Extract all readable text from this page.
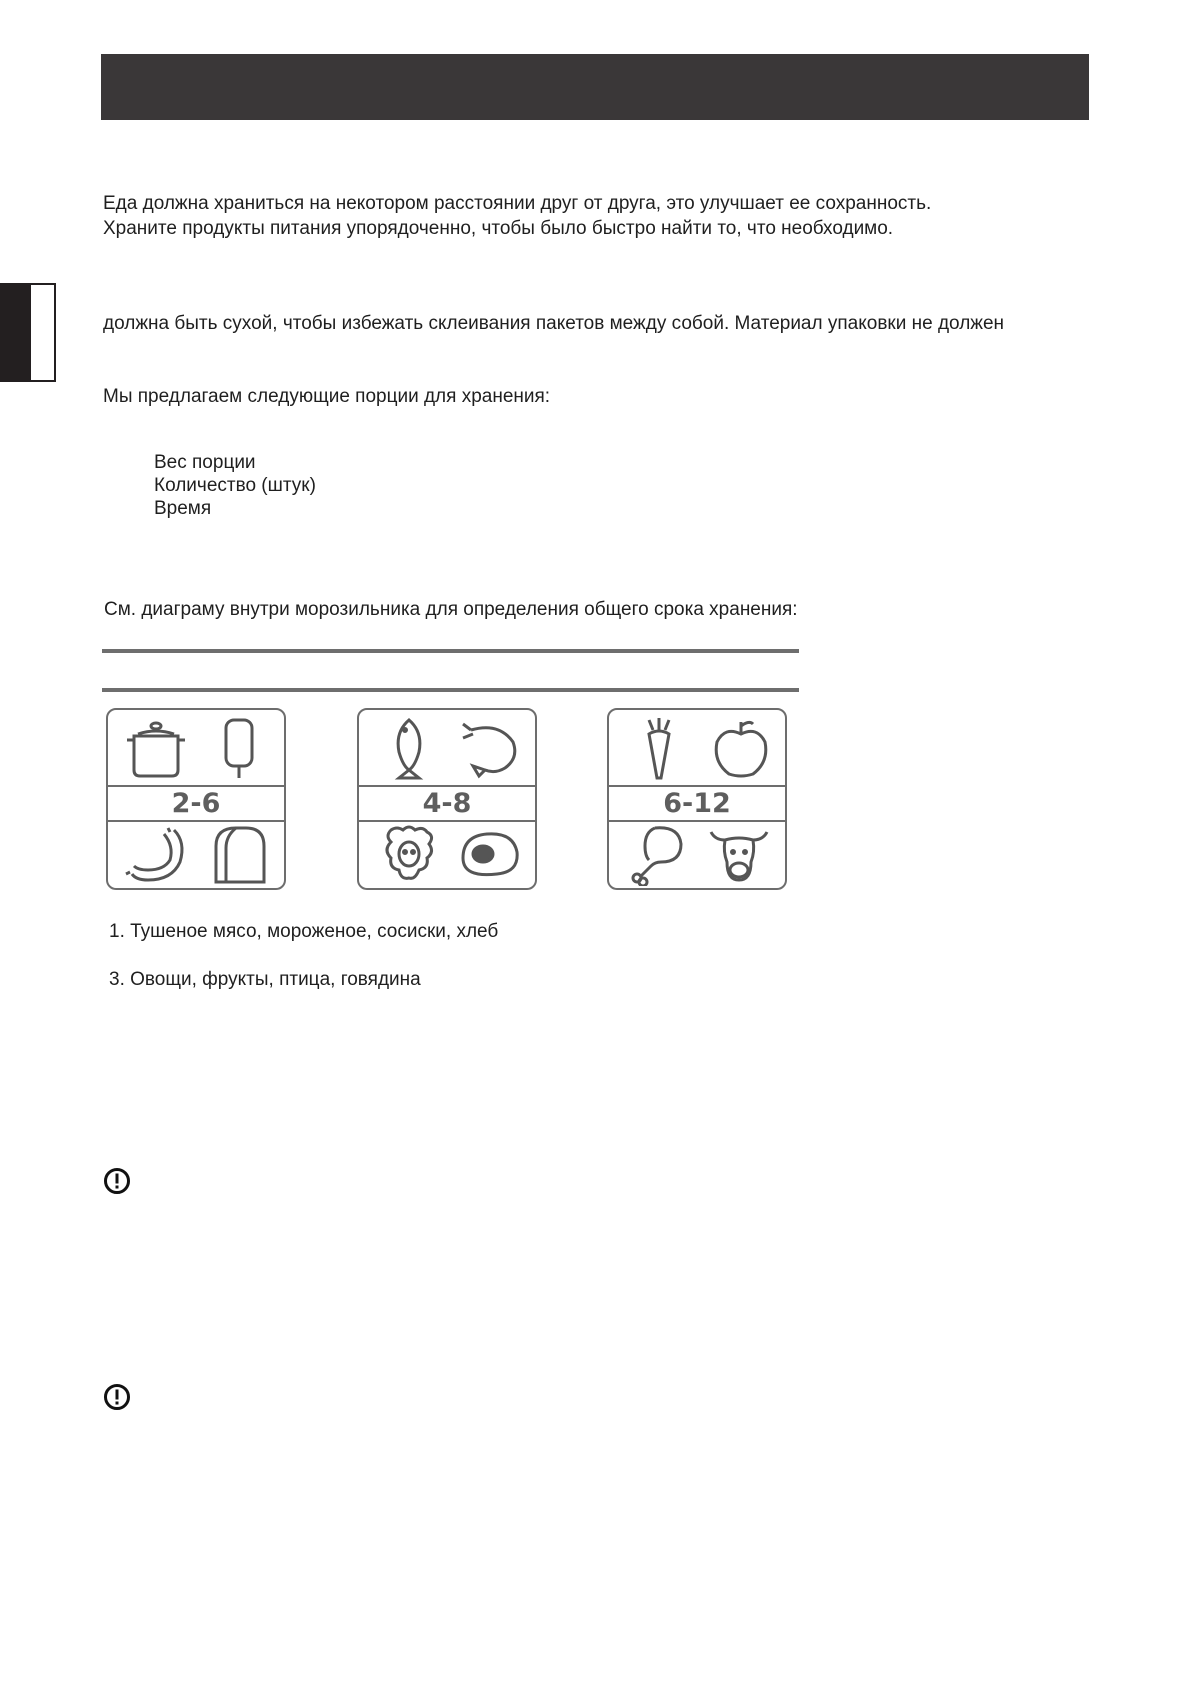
Еда должна храниться на некотором расстоянии друг от друга, это улучшает ее сохранность.
Храните продукты питания упорядоченно, чтобы было быстро найти то, что необходимо.
должна быть сухой, чтобы избежать склеивания пакетов между собой. Материал упаковки не должен
Мы предлагаем следующие порции для хранения:
Вес порции
Количество (штук)
Время
См. диаграму внутри морозильника для определения общего срока хранения:
2-6	4-8	6-12
1. Тушеное мясо, мороженое, сосиски, хлеб
3. Овощи, фрукты, птица, говядина
